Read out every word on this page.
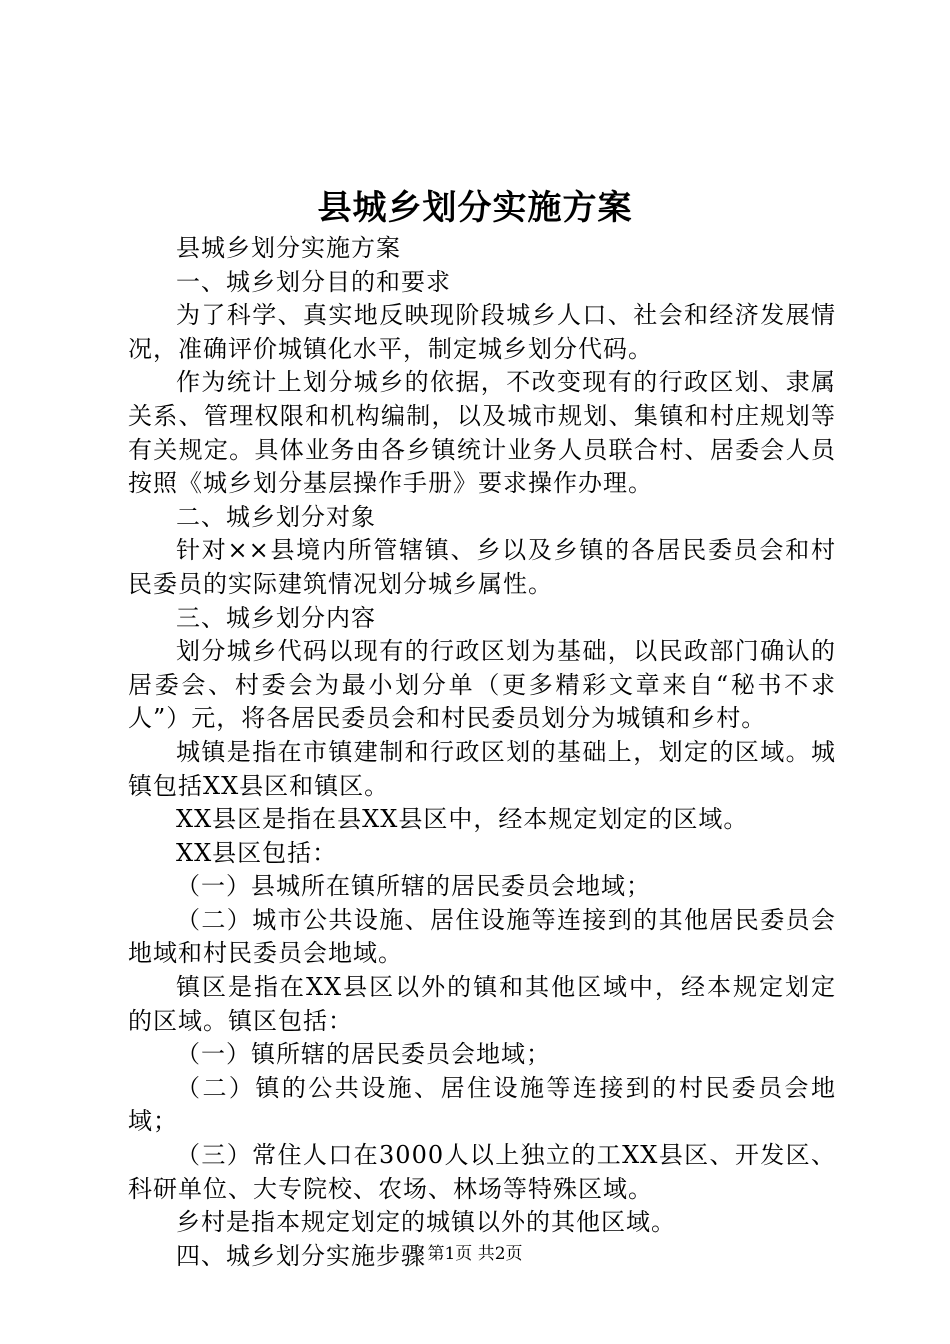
县城乡划分实施方案

县城乡划分实施方案

一、城乡划分目的和要求

为了科学、真实地反映现阶段城乡人口、社会和经济发展情况，准确评价城镇化水平，制定城乡划分代码。

作为统计上划分城乡的依据，不改变现有的行政区划、隶属关系、管理权限和机构编制，以及城市规划、集镇和村庄规划等有关规定。具体业务由各乡镇统计业务人员联合村、居委会人员按照《城乡划分基层操作手册》要求操作办理。

二、城乡划分对象

针对××县境内所管辖镇、乡以及乡镇的各居民委员会和村民委员的实际建筑情况划分城乡属性。

三、城乡划分内容

划分城乡代码以现有的行政区划为基础，以民政部门确认的居委会、村委会为最小划分单（更多精彩文章来自“秘书不求人”）元，将各居民委员会和村民委员划分为城镇和乡村。

城镇是指在市镇建制和行政区划的基础上，划定的区域。城镇包括XX县区和镇区。

XX县区是指在县XX县区中，经本规定划定的区域。

XX县区包括：

（一）县城所在镇所辖的居民委员会地域；

（二）城市公共设施、居住设施等连接到的其他居民委员会地域和村民委员会地域。

镇区是指在XX县区以外的镇和其他区域中，经本规定划定的区域。镇区包括：

（一）镇所辖的居民委员会地域；

（二）镇的公共设施、居住设施等连接到的村民委员会地域；

（三）常住人口在3000人以上独立的工XX县区、开发区、科研单位、大专院校、农场、林场等特殊区域。

乡村是指本规定划定的城镇以外的其他区域。

四、城乡划分实施步骤 第1页 共2页
